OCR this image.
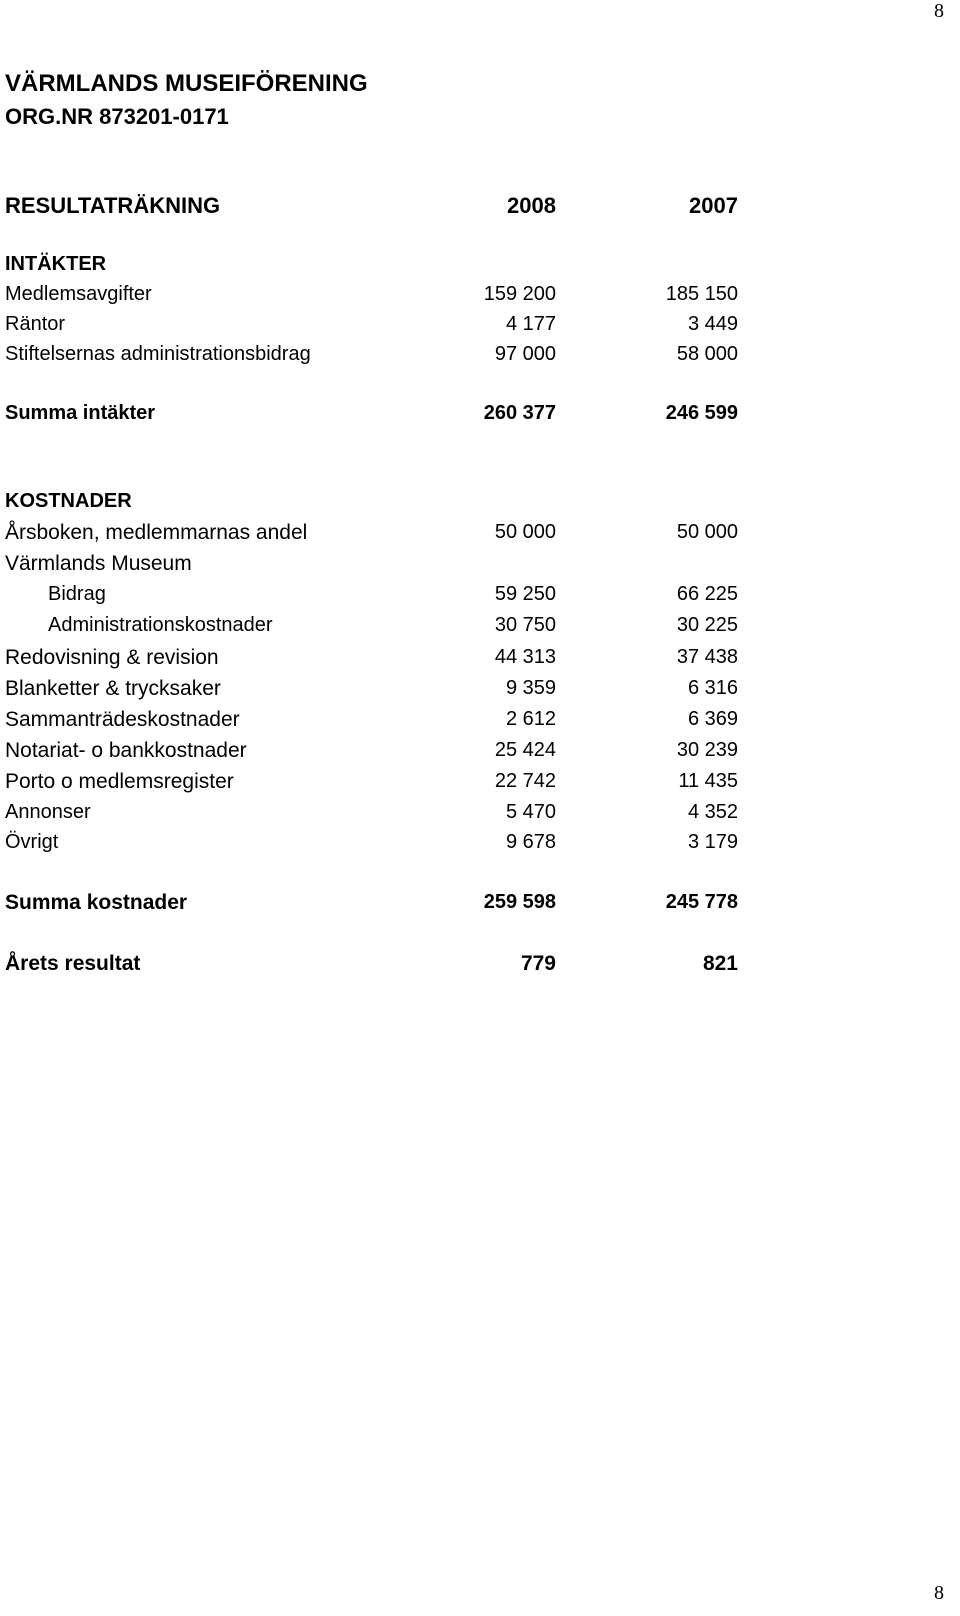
8
VÄRMLANDS MUSEIFÖRENING
ORG.NR 873201-0171
RESULTATRÄKNING	2008	2007
INTÄKTER
Medlemsavgifter	159 200	185 150
Räntor	4 177	3 449
Stiftelsernas administrationsbidrag	97 000	58 000
Summa intäkter	260 377	246 599
KOSTNADER
Årsboken, medlemmarnas andel	50 000	50 000
Värmlands Museum
Bidrag	59 250	66 225
Administrationskostnader	30 750	30 225
Redovisning & revision	44 313	37 438
Blanketter & trycksaker	9 359	6 316
Sammanträdeskostnader	2 612	6 369
Notariat- o bankkostnader	25 424	30 239
Porto o medlemsregister	22 742	11 435
Annonser	5 470	4 352
Övrigt	9 678	3 179
Summa kostnader	259 598	245 778
Årets resultat	779	821
8
